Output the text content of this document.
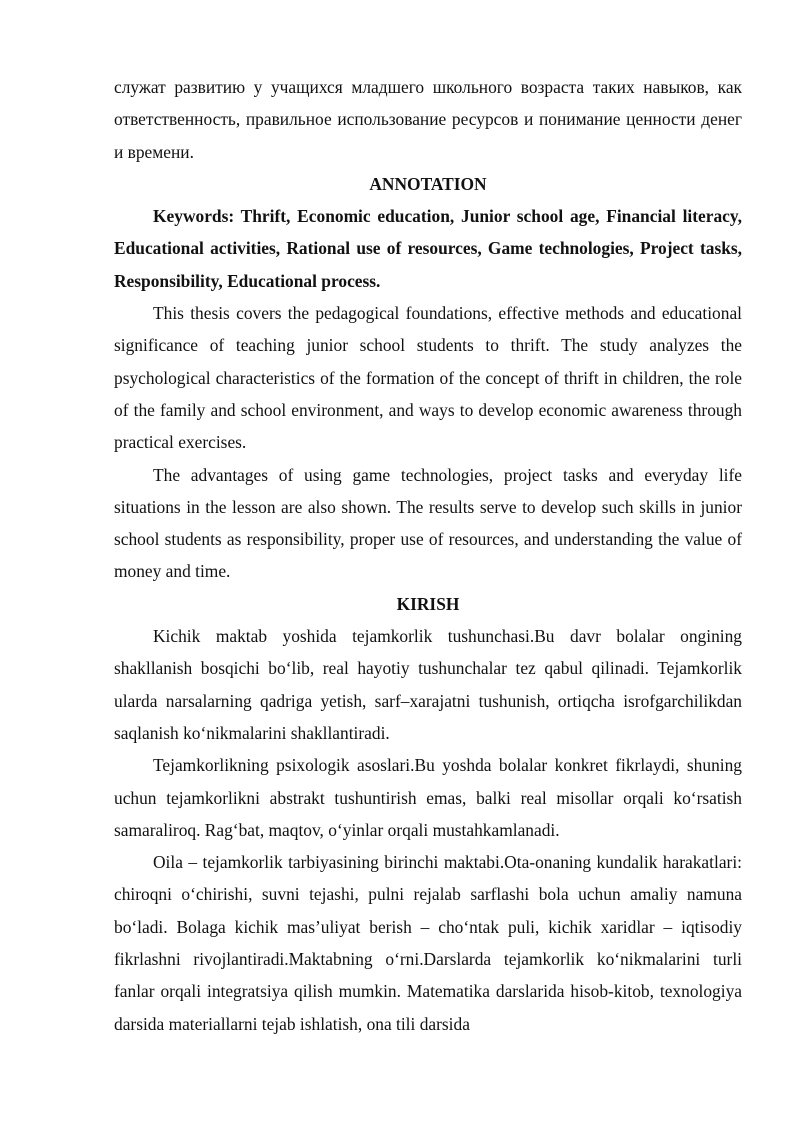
служат развитию у учащихся младшего школьного возраста таких навыков, как ответственность, правильное использование ресурсов и понимание ценности денег и времени.

ANNOTATION

Keywords: Thrift, Economic education, Junior school age, Financial literacy, Educational activities, Rational use of resources, Game technologies, Project tasks, Responsibility, Educational process.

This thesis covers the pedagogical foundations, effective methods and educational significance of teaching junior school students to thrift. The study analyzes the psychological characteristics of the formation of the concept of thrift in children, the role of the family and school environment, and ways to develop economic awareness through practical exercises.

The advantages of using game technologies, project tasks and everyday life situations in the lesson are also shown. The results serve to develop such skills in junior school students as responsibility, proper use of resources, and understanding the value of money and time.

KIRISH

Kichik maktab yoshida tejamkorlik tushunchasi.Bu davr bolalar ongining shakllanish bosqichi bo‘lib, real hayotiy tushunchalar tez qabul qilinadi. Tejamkorlik ularda narsalarning qadriga yetish, sarf–xarajatni tushunish, ortiqcha isrofgarchilikdan saqlanish ko‘nikmalarini shakllantiradi.

Tejamkorlikning psixologik asoslari.Bu yoshda bolalar konkret fikrlaydi, shuning uchun tejamkorlikni abstrakt tushuntirish emas, balki real misollar orqali ko‘rsatish samaraliroq. Rag‘bat, maqtov, o‘yinlar orqali mustahkamlanadi.

Oila – tejamkorlik tarbiyasining birinchi maktabi.Ota-onaning kundalik harakatlari: chiroqni o‘chirishi, suvni tejashi, pulni rejalab sarflashi bola uchun amaliy namuna bo‘ladi. Bolaga kichik mas’uliyat berish – cho‘ntak puli, kichik xaridlar – iqtisodiy fikrlashni rivojlantiradi.Maktabning o‘rni.Darslarda tejamkorlik ko‘nikmalarini turli fanlar orqali integratsiya qilish mumkin. Matematika darslarida hisob-kitob, texnologiya darsida materiallarni tejab ishlatish, ona tili darsida
